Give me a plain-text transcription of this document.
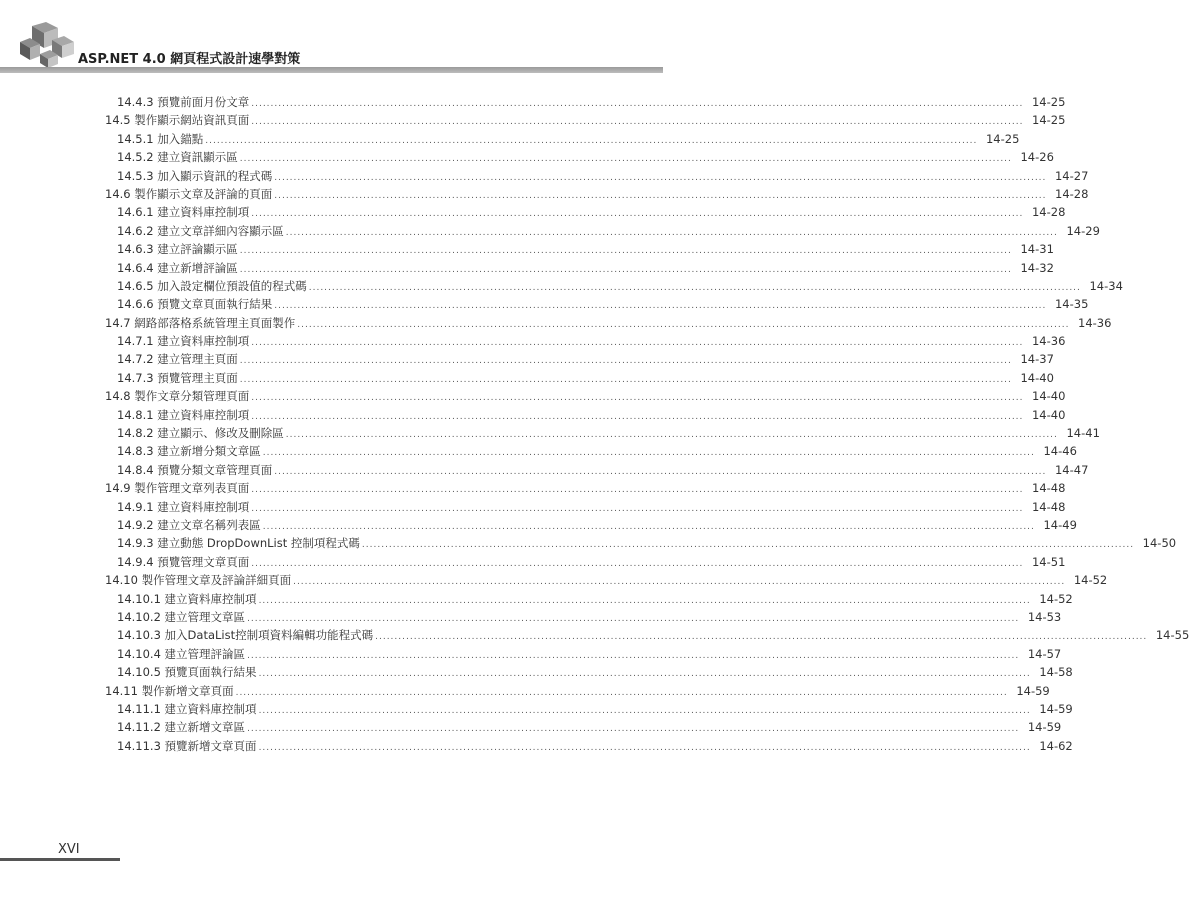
ASP.NET 4.0 網頁程式設計速學對策
14.4.3 預覽前面月份文章 ........................................................................................................................................................................................................ 14-25
14.5 製作顯示網站資訊頁面 ........................................................................................................................................................................................................ 14-25
14.5.1 加入錨點 ........................................................................................................................................................................................................ 14-25
14.5.2 建立資訊顯示區 ........................................................................................................................................................................................................ 14-26
14.5.3 加入顯示資訊的程式碼 ........................................................................................................................................................................................................ 14-27
14.6 製作顯示文章及評論的頁面 ........................................................................................................................................................................................................ 14-28
14.6.1 建立資料庫控制項 ........................................................................................................................................................................................................ 14-28
14.6.2 建立文章詳細內容顯示區 ........................................................................................................................................................................................................ 14-29
14.6.3 建立評論顯示區 ........................................................................................................................................................................................................ 14-31
14.6.4 建立新增評論區 ........................................................................................................................................................................................................ 14-32
14.6.5 加入設定欄位預設值的程式碼 ........................................................................................................................................................................................................ 14-34
14.6.6 預覽文章頁面執行結果 ........................................................................................................................................................................................................ 14-35
14.7 網路部落格系統管理主頁面製作 ........................................................................................................................................................................................................ 14-36
14.7.1 建立資料庫控制項 ........................................................................................................................................................................................................ 14-36
14.7.2 建立管理主頁面 ........................................................................................................................................................................................................ 14-37
14.7.3 預覽管理主頁面 ........................................................................................................................................................................................................ 14-40
14.8 製作文章分類管理頁面 ........................................................................................................................................................................................................ 14-40
14.8.1 建立資料庫控制項 ........................................................................................................................................................................................................ 14-40
14.8.2 建立顯示、修改及刪除區 ........................................................................................................................................................................................................ 14-41
14.8.3 建立新增分類文章區 ........................................................................................................................................................................................................ 14-46
14.8.4 預覽分類文章管理頁面 ........................................................................................................................................................................................................ 14-47
14.9 製作管理文章列表頁面 ........................................................................................................................................................................................................ 14-48
14.9.1 建立資料庫控制項 ........................................................................................................................................................................................................ 14-48
14.9.2 建立文章名稱列表區 ........................................................................................................................................................................................................ 14-49
14.9.3 建立動態 DropDownList 控制項程式碼 ........................................................................................................................................................................................................ 14-50
14.9.4 預覽管理文章頁面 ........................................................................................................................................................................................................ 14-51
14.10 製作管理文章及評論詳細頁面 ........................................................................................................................................................................................................ 14-52
14.10.1 建立資料庫控制項 ........................................................................................................................................................................................................ 14-52
14.10.2 建立管理文章區 ........................................................................................................................................................................................................ 14-53
14.10.3 加入DataList控制項資料編輯功能程式碼 ........................................................................................................................................................................................................ 14-55
14.10.4 建立管理評論區 ........................................................................................................................................................................................................ 14-57
14.10.5 預覽頁面執行結果 ........................................................................................................................................................................................................ 14-58
14.11 製作新增文章頁面 ........................................................................................................................................................................................................ 14-59
14.11.1 建立資料庫控制項 ........................................................................................................................................................................................................ 14-59
14.11.2 建立新增文章區 ........................................................................................................................................................................................................ 14-59
14.11.3 預覽新增文章頁面 ........................................................................................................................................................................................................ 14-62
XVI
